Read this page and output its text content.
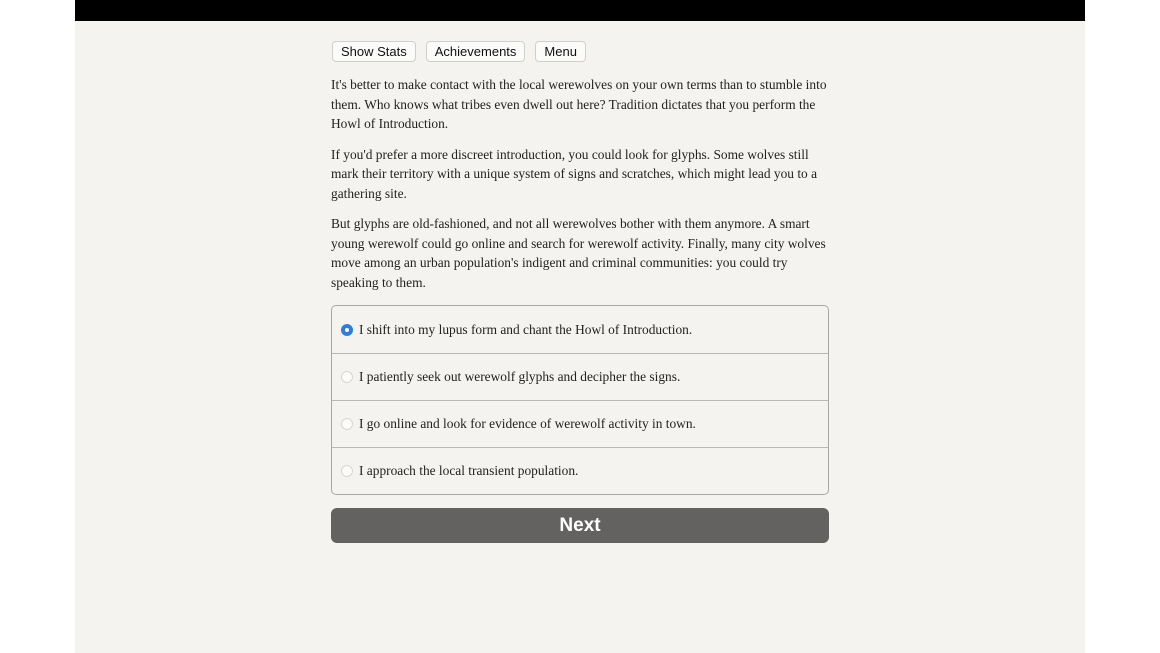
Show Stats	Achievements	Menu

It's better to make contact with the local werewolves on your own terms than to stumble into them. Who knows what tribes even dwell out here? Tradition dictates that you perform the Howl of Introduction.

If you'd prefer a more discreet introduction, you could look for glyphs. Some wolves still mark their territory with a unique system of signs and scratches, which might lead you to a gathering site.

But glyphs are old-fashioned, and not all werewolves bother with them anymore. A smart young werewolf could go online and search for werewolf activity. Finally, many city wolves move among an urban population's indigent and criminal communities: you could try speaking to them.

I shift into my lupus form and chant the Howl of Introduction.
I patiently seek out werewolf glyphs and decipher the signs.
I go online and look for evidence of werewolf activity in town.
I approach the local transient population.
Next
